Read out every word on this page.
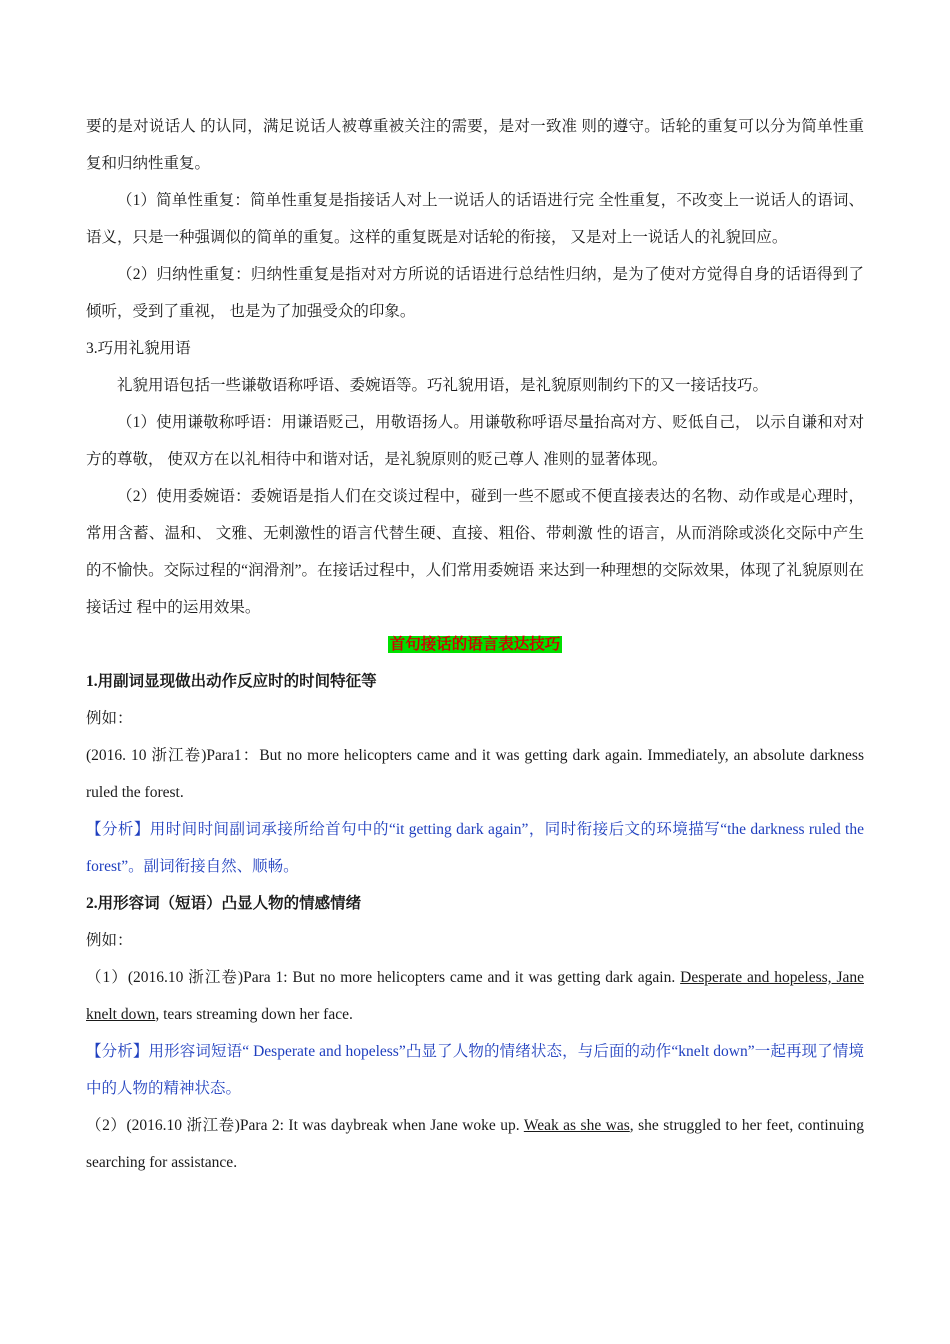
要的是对说话人 的认同，满足说话人被尊重被关注的需要，是对一致准 则的遵守。话轮的重复可以分为简单性重复和归纳性重复。

（1）简单性重复：简单性重复是指接话人对上一说话人的话语进行完 全性重复，不改变上一说话人的语词、语义，只是一种强调似的简单的重复。这样的重复既是对话轮的衔接， 又是对上一说话人的礼貌回应。

（2）归纳性重复：归纳性重复是指对对方所说的话语进行总结性归纳，是为了使对方觉得自身的话语得到了倾听，受到了重视， 也是为了加强受众的印象。

3.巧用礼貌用语

礼貌用语包括一些谦敬语称呼语、委婉语等。巧礼貌用语，是礼貌原则制约下的又一接话技巧。

（1）使用谦敬称呼语：用谦语贬己，用敬语扬人。用谦敬称呼语尽量抬高对方、贬低自己， 以示自谦和对对方的尊敬， 使双方在以礼相待中和谐对话，是礼貌原则的贬己尊人 准则的显著体现。

（2）使用委婉语：委婉语是指人们在交谈过程中，碰到一些不愿或不便直接表达的名物、动作或是心理时，常用含蓄、温和、 文雅、无刺激性的语言代替生硬、直接、粗俗、带刺激 性的语言，从而消除或淡化交际中产生的不愉快。交际过程的“润滑剂”。在接话过程中，人们常用委婉语 来达到一种理想的交际效果，体现了礼貌原则在接话过 程中的运用效果。

首句接话的语言表达技巧

1.用副词显现做出动作反应时的时间特征等

例如：

(2016. 10 浙江卷)Para1：But no more helicopters came and it was getting dark again. Immediately, an absolute darkness ruled the forest.

【分析】用时间时间副词承接所给首句中的“it getting dark again”，同时衔接后文的环境描写“the darkness ruled the forest”。副词衔接自然、顺畅。

2.用形容词（短语）凸显人物的情感情绪

例如：

（1）(2016.10 浙江卷)Para 1: But no more helicopters came and it was getting dark again. Desperate and hopeless, Jane knelt down, tears streaming down her face.

【分析】用形容词短语“ Desperate and hopeless”凸显了人物的情绪状态，与后面的动作“knelt down”一起再现了情境中的人物的精神状态。

（2）(2016.10 浙江卷)Para 2: It was daybreak when Jane woke up. Weak as she was, she struggled to her feet, continuing searching for assistance.
